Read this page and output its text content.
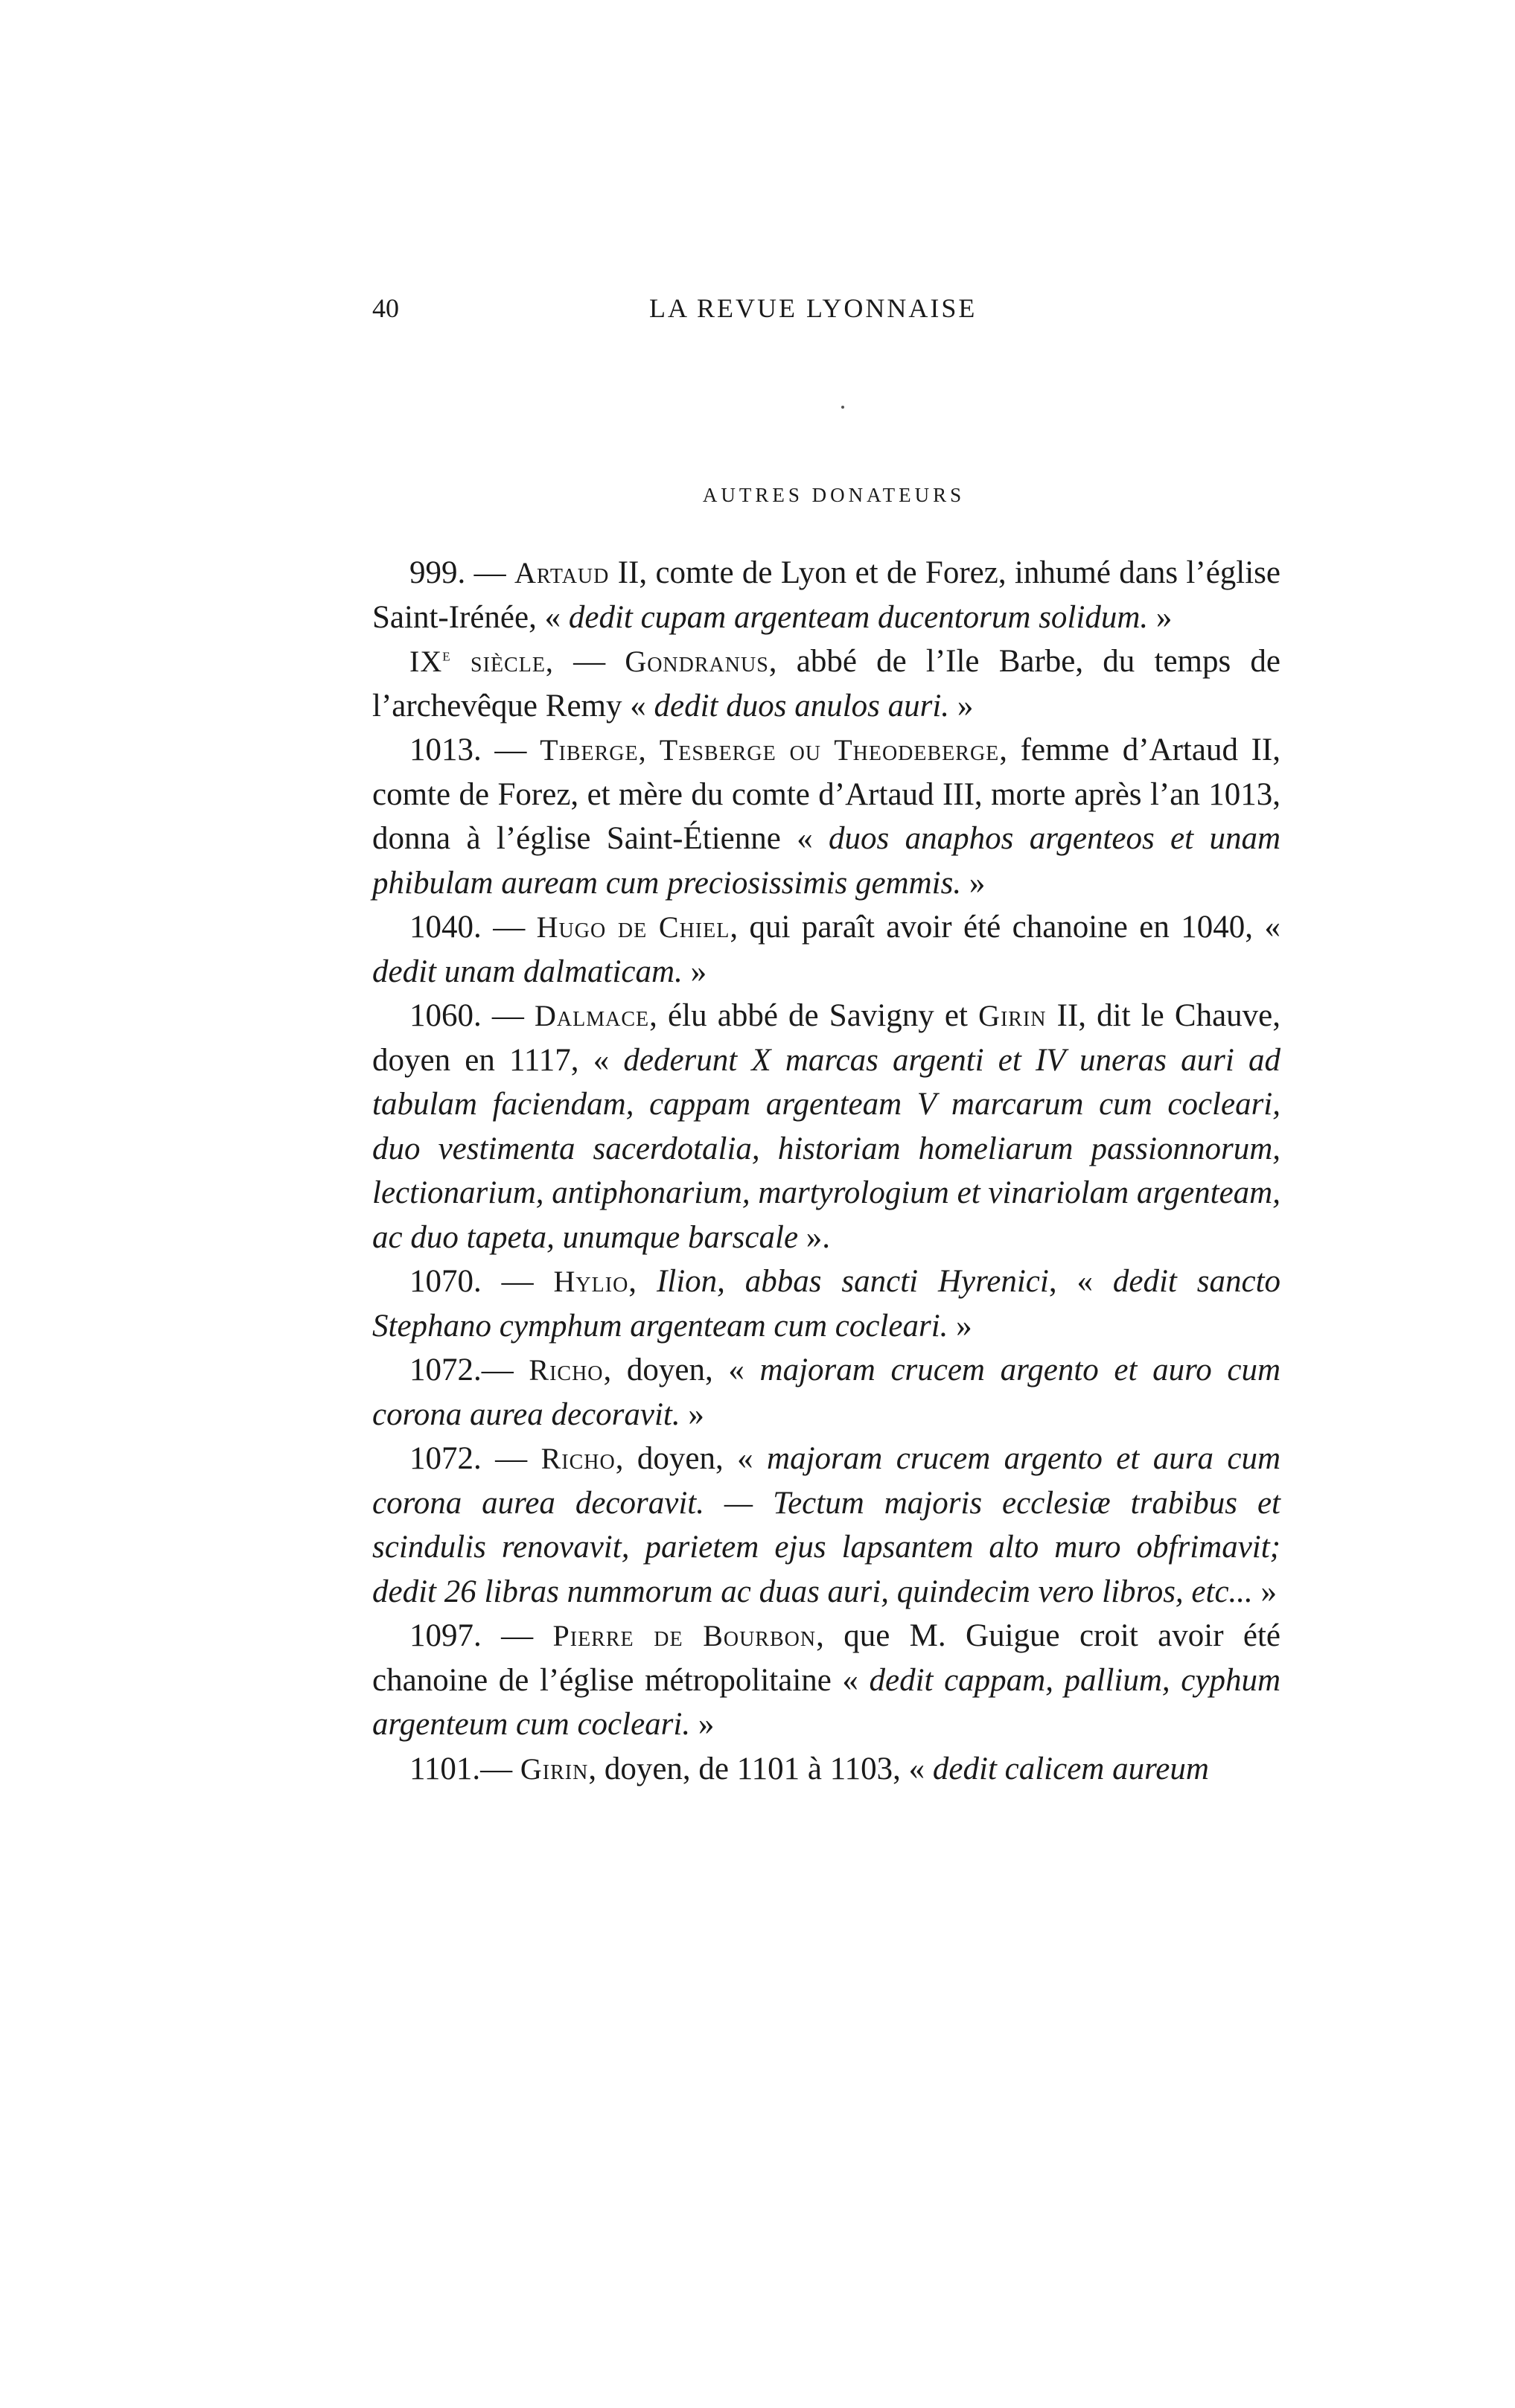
40	LA REVUE LYONNAISE
AUTRES DONATEURS

999. — Artaud II, comte de Lyon et de Forez, inhumé dans l’église Saint-Irénée, « dedit cupam argenteam ducentorum solidum. »

IXe siècle, — Gondranus, abbé de l’Ile Barbe, du temps de l’archevêque Remy « dedit duos anulos auri. »

1013. — Tiberge, Tesberge ou Theodeberge, femme d’Artaud II, comte de Forez, et mère du comte d’Artaud III, morte après l’an 1013, donna à l’église Saint-Étienne « duos anaphos argenteos et unam phibulam auream cum preciosissimis gemmis. »

1040. — Hugo de Chiel, qui paraît avoir été chanoine en 1040, « dedit unam dalmaticam. »

1060. — Dalmace, élu abbé de Savigny et Girin II, dit le Chauve, doyen en 1117, « dederunt X marcas argenti et IV uneras auri ad tabulam faciendam, cappam argenteam V marcarum cum cocleari, duo vestimenta sacerdotalia, historiam homeliarum passionnorum, lectionarium, antiphonarium, martyrologium et vinariolam argenteam, ac duo tapeta, unumque barscale ».

1070. — Hylio, Ilion, abbas sancti Hyrenici, « dedit sancto Stephano cymphum argenteam cum cocleari. »

1072.— Richo, doyen, « majoram crucem argento et auro cum corona aurea decoravit. »

1072. — Richo, doyen, « majoram crucem argento et aura cum corona aurea decoravit. — Tectum majoris ecclesiæ trabibus et scindulis renovavit, parietem ejus lapsantem alto muro obfrimavit; dedit 26 libras nummorum ac duas auri, quindecim vero libros, etc... »

1097. — Pierre de Bourbon, que M. Guigue croit avoir été chanoine de l’église métropolitaine « dedit cappam, pallium, cyphum argenteum cum cocleari. »

1101.— Girin, doyen, de 1101 à 1103, « dedit calicem aureum
